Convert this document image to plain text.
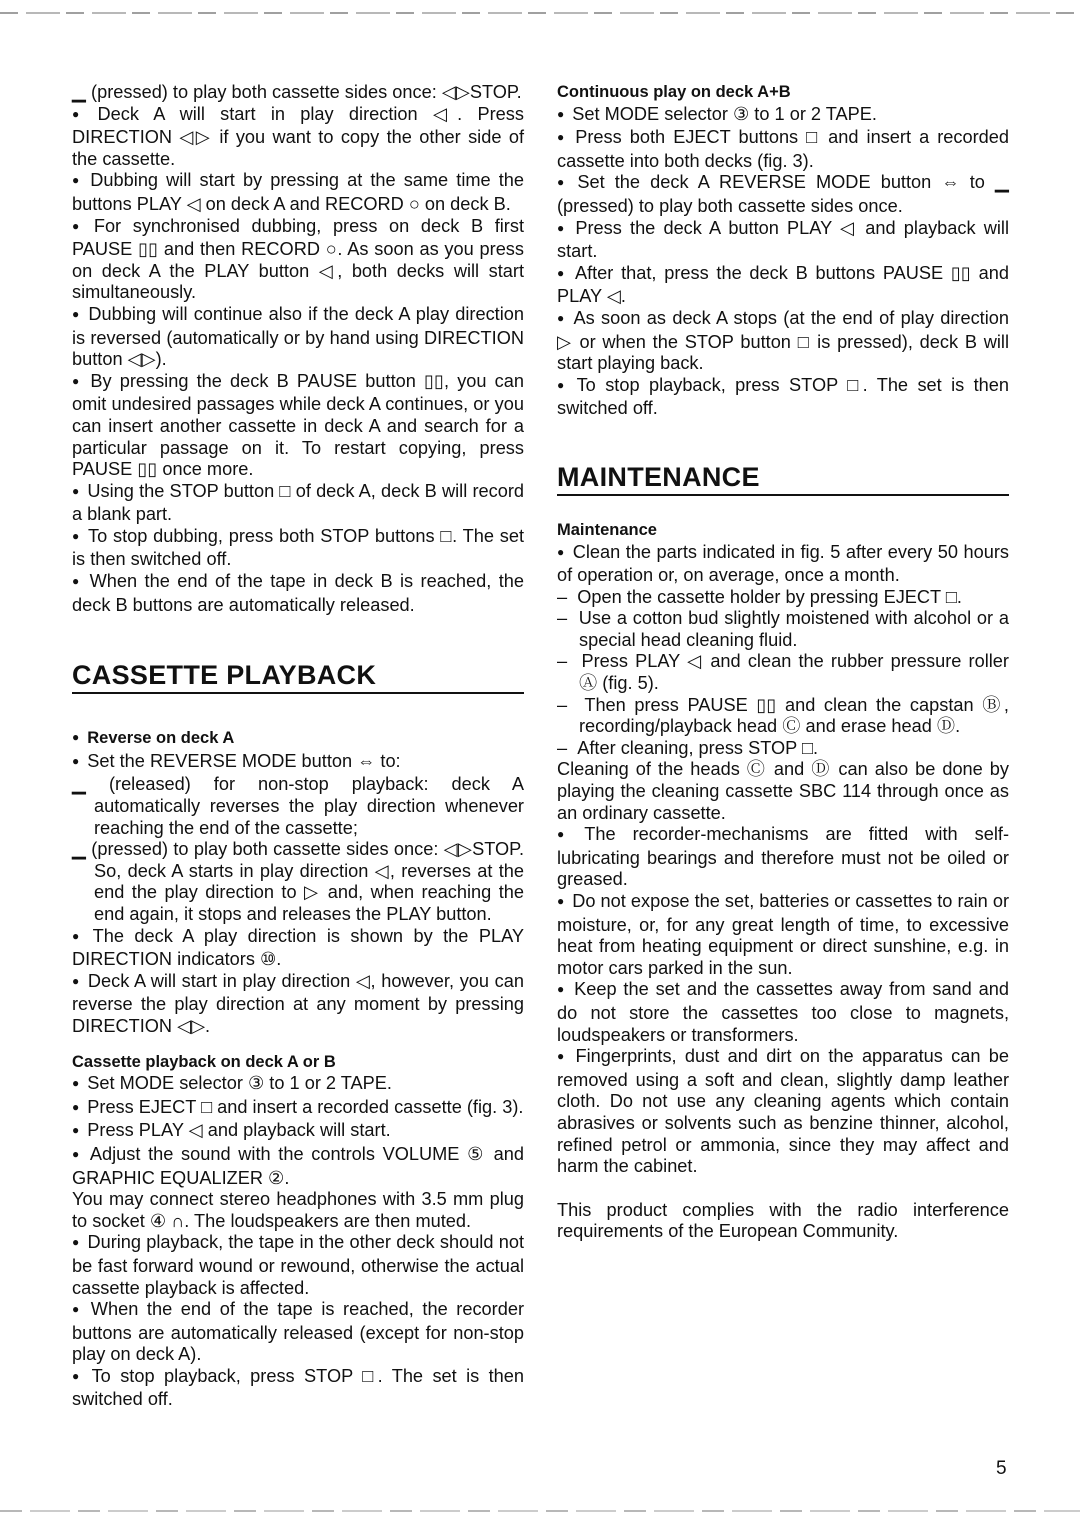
▁ (pressed) to play both cassette sides once: ◁▷STOP.

● Deck A will start in play direction ◁. Press DIRECTION ◁▷ if you want to copy the other side of the cassette.

● Dubbing will start by pressing at the same time the buttons PLAY ◁ on deck A and RECORD ○ on deck B.

● For synchronised dubbing, press on deck B first PAUSE ▯▯ and then RECORD ○. As soon as you press on deck A the PLAY button ◁, both decks will start simultaneously.

● Dubbing will continue also if the deck A play direction is reversed (automatically or by hand using DIRECTION button ◁▷).

● By pressing the deck B PAUSE button ▯▯, you can omit undesired passages while deck A continues, or you can insert another cassette in deck A and search for a particular passage on it. To restart copying, press PAUSE ▯▯ once more.

● Using the STOP button □ of deck A, deck B will record a blank part.

● To stop dubbing, press both STOP buttons □. The set is then switched off.

● When the end of the tape in deck B is reached, the deck B buttons are automatically released.

CASSETTE PLAYBACK

● Reverse on deck A

● Set the REVERSE MODE button ⇔ to:

▁ (released) for non-stop playback: deck A automatically reverses the play direction whenever reaching the end of the cassette;

▁ (pressed) to play both cassette sides once: ◁▷STOP. So, deck A starts in play direction ◁, reverses at the end the play direction to ▷ and, when reaching the end again, it stops and releases the PLAY button.

● The deck A play direction is shown by the PLAY DIRECTION indicators ⑩.

● Deck A will start in play direction ◁, however, you can reverse the play direction at any moment by pressing DIRECTION ◁▷.

Cassette playback on deck A or B

● Set MODE selector ③ to 1 or 2 TAPE.

● Press EJECT □ and insert a recorded cassette (fig. 3).

● Press PLAY ◁ and playback will start.

● Adjust the sound with the controls VOLUME ⑤ and GRAPHIC EQUALIZER ②.

You may connect stereo headphones with 3.5 mm plug to socket ④ ∩. The loudspeakers are then muted.

● During playback, the tape in the other deck should not be fast forward wound or rewound, otherwise the actual cassette playback is affected.

● When the end of the tape is reached, the recorder buttons are automatically released (except for non-stop play on deck A).

● To stop playback, press STOP □. The set is then switched off.

Continuous play on deck A+B

● Set MODE selector ③ to 1 or 2 TAPE.

● Press both EJECT buttons □ and insert a recorded cassette into both decks (fig. 3).

● Set the deck A REVERSE MODE button ⇔ to ▁ (pressed) to play both cassette sides once.

● Press the deck A button PLAY ◁ and playback will start.

● After that, press the deck B buttons PAUSE ▯▯ and PLAY ◁.

● As soon as deck A stops (at the end of play direction ▷ or when the STOP button □ is pressed), deck B will start playing back.

● To stop playback, press STOP □. The set is then switched off.

MAINTENANCE

Maintenance

● Clean the parts indicated in fig. 5 after every 50 hours of operation or, on average, once a month.

–  Open the cassette holder by pressing EJECT □.

–  Use a cotton bud slightly moistened with alcohol or a special head cleaning fluid.

–  Press PLAY ◁ and clean the rubber pressure roller Ⓐ (fig. 5).

–  Then press PAUSE ▯▯ and clean the capstan Ⓑ, recording/playback head Ⓒ and erase head Ⓓ.

–  After cleaning, press STOP □.

Cleaning of the heads Ⓒ and Ⓓ can also be done by playing the cleaning cassette SBC 114 through once as an ordinary cassette.

● The recorder-mechanisms are fitted with self-lubricating bearings and therefore must not be oiled or greased.

● Do not expose the set, batteries or cassettes to rain or moisture, or, for any great length of time, to excessive heat from heating equipment or direct sunshine, e.g. in motor cars parked in the sun.

● Keep the set and the cassettes away from sand and do not store the cassettes too close to magnets, loudspeakers or transformers.

● Fingerprints, dust and dirt on the apparatus can be removed using a soft and clean, slightly damp leather cloth. Do not use any cleaning agents which contain abrasives or solvents such as benzine thinner, alcohol, refined petrol or ammonia, since they may affect and harm the cabinet.

This product complies with the radio interference requirements of the European Community.

5
